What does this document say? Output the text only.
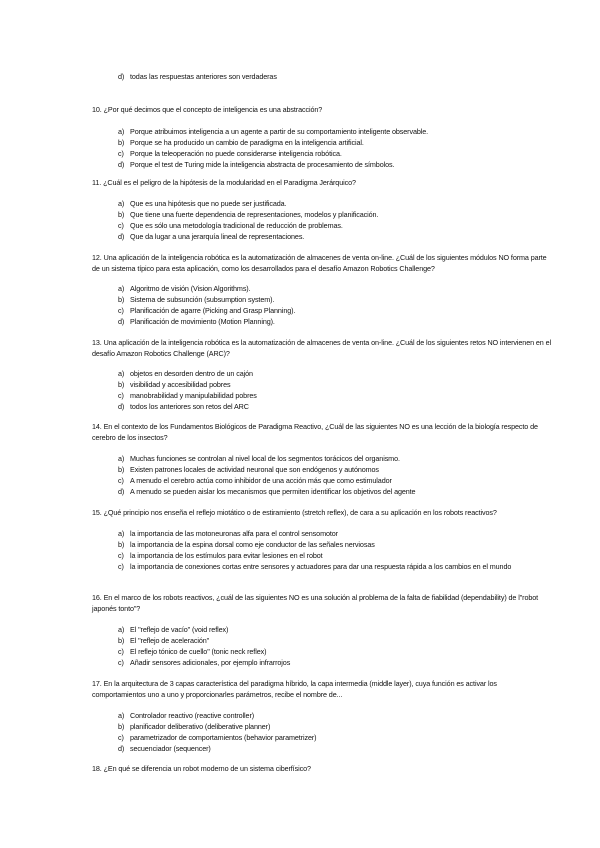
d) todas las respuestas anteriores son verdaderas
10. ¿Por qué decimos que el concepto de inteligencia es una abstracción?
a) Porque atribuimos inteligencia a un agente a partir de su comportamiento inteligente observable.
b) Porque se ha producido un cambio de paradigma en la inteligencia artificial.
c) Porque la teleoperación no puede considerarse inteligencia robótica.
d) Porque el test de Turing mide la inteligencia abstracta de procesamiento de símbolos.
11. ¿Cuál es el peligro de la hipótesis de la modularidad en el Paradigma Jerárquico?
a) Que es una hipótesis que no puede ser justificada.
b) Que tiene una fuerte dependencia de representaciones, modelos y planificación.
c) Que es sólo una metodología tradicional de reducción de problemas.
d) Que da lugar a una jerarquía lineal de representaciones.
12. Una aplicación de la inteligencia robótica es la automatización de almacenes de venta on-line. ¿Cuál de los siguientes módulos NO forma parte de un sistema típico para esta aplicación, como los desarrollados para el desafío Amazon Robotics Challenge?
a) Algoritmo de visión (Vision Algorithms).
b) Sistema de subsunción (subsumption system).
c) Planificación de agarre (Picking and Grasp Planning).
d) Planificación de movimiento (Motion Planning).
13. Una aplicación de la inteligencia robótica es la automatización de almacenes de venta on-line. ¿Cuál de los siguientes retos NO intervienen en el desafío Amazon Robotics Challenge (ARC)?
a) objetos en desorden dentro de un cajón
b) visibilidad y accesibilidad pobres
c) manobrabilidad y manipulabilidad pobres
d) todos los anteriores son retos del ARC
14. En el contexto de los Fundamentos Biológicos de Paradigma Reactivo, ¿Cuál de las siguientes NO es una lección de la biología respecto de cerebro de los insectos?
a) Muchas funciones se controlan al nivel local de los segmentos torácicos del organismo.
b) Existen patrones locales de actividad neuronal que son endógenos y autónomos
c) A menudo el cerebro actúa como inhibidor de una acción más que como estimulador
d) A menudo se pueden aislar los mecanismos que permiten identificar los objetivos del agente
15. ¿Qué principio nos enseña el reflejo miotático o de estiramiento (stretch reflex), de cara a su aplicación en los robots reactivos?
a) la importancia de las motoneuronas alfa para el control sensomotor
b) la importancia de la espina dorsal como eje conductor de las señales nerviosas
c) la importancia de los estímulos para evitar lesiones en el robot
c) la importancia de conexiones cortas entre sensores y actuadores para dar una respuesta rápida a los cambios en el mundo
16. En el marco de los robots reactivos, ¿cuál de las siguientes NO es una solución al problema de la falta de fiabilidad (dependability) de l"robot japonés tonto"?
a) El "reflejo de vacío" (void reflex)
b) El "reflejo de aceleración"
c) El reflejo tónico de cuello" (tonic neck reflex)
c) Añadir sensores adicionales, por ejemplo infrarrojos
17. En la arquitectura de 3 capas característica del paradigma híbrido, la capa intermedia (middle layer), cuya función es activar los comportamientos uno a uno y proporcionarles parámetros, recibe el nombre de...
a) Controlador reactivo (reactive controller)
b) planificador deliberativo (deliberative planner)
c) parametrizador de comportamientos (behavior parametrizer)
d) secuenciador (sequencer)
18. ¿En qué se diferencia un robot moderno de un sistema ciberfísico?
